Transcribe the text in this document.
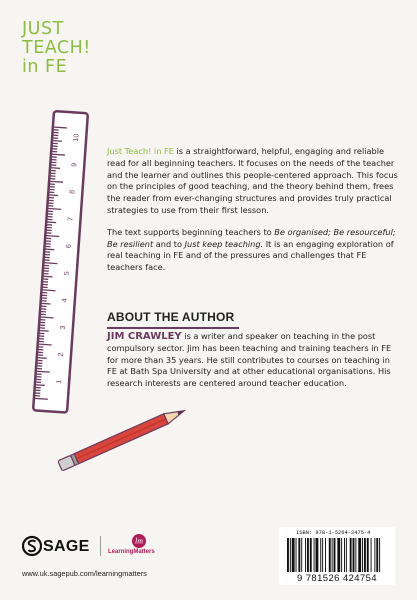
JUST
TEACH!
in FE
1
2
3
4
5
6
7
8
9
10

Just Teach! in FE is a straightforward, helpful, engaging and reliable read for all beginning teachers. It focuses on the needs of the teacher and the learner and outlines this people-centered approach. This focus on the principles of good teaching, and the theory behind them, frees the reader from ever-changing structures and provides truly practical strategies to use from their first lesson.

The text supports beginning teachers to Be organised; Be resourceful; Be resilient and to Just keep teaching. It is an engaging exploration of real teaching in FE and of the pressures and challenges that FE teachers face.

ABOUT THE AUTHOR
JIM CRAWLEY is a writer and speaker on teaching in the post compulsory sector. Jim has been teaching and training teachers in FE for more than 35 years. He still contributes to courses on teaching in FE at Bath Spa University and at other educational organisations. His research interests are centered around teacher education.
SAGE	lm
LearningMatters
www.uk.sagepub.com/learningmatters
ISBN: 978-1-5264-2475-4
9 781526 424754
